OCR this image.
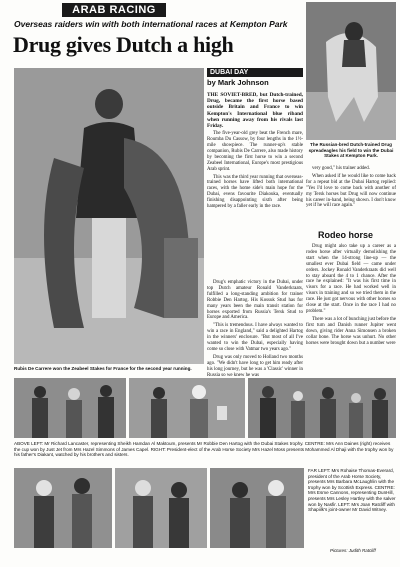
ARAB RACING
Overseas raiders win with both international races at Kempton Park
Drug gives Dutch a high
Rubis De Carrere won the Zeabeel Stakes for France for the second year running.
The Russian-bred Dutch-trained Drug spreadeagles his field to win the Dubai Stakes at Kempton Park.
DUBAI DAY
by Mark Johnson

THE SOVIET-BRED, but Dutch-trained, Drug, became the first horse based outside Britain and France to win Kempton's International blue riband when running away from his rivals last Friday.

The five-year-old grey beat the French mare, Roumba Du Cassow, by four lengths in the 1½-mile showpiece. The runner-up's stable companion, Rubis De Carrere, also made history by becoming the first horse to win a second Zeabeel International, Europe's most prestigious Arab sprint.

This was the third year running that overseas-trained horses have lifted both international races, with the home side's main hope for the Dubai, evens favourite Diakouka, eventually finishing disappointing sixth after being hampered by a faller early in the race.

Drug's emphatic victory in the Dubai, under top Dutch amateur Ronald Vanderkraats, fulfilled a long-standing ambition for trainer Robbie Den Hartog. His Kossuk Stud has for many years been the main transit station for horses exported from Russia's Tersk Stud to Europe and America.

"This is tremendous. I have always wanted to win a race in England," said a delighted Hartog in the winners' enclosure. "But most of all I've wanted to win the Dubai, especially having come so close with Vatmar two years ago."

Drug was only moved to Holland two months ago. "We didn't have long to get him ready after his long journey, but he was a 'Classic' winner in Russia so we knew he was

very good," his trainer added.

When asked if he would like to come back for a repeat bid at the Dubai Hartog replied: "Yes I'd love to come back with another of my Tersk horses but Drug will now continue his career in-hand, being shown. I don't know yet if he will race again."

Rodeo horse

Drug might also take up a career as a rodeo horse after virtually demolishing the start when the 14-strong line-up — the smallest ever Dubai field — came under orders. Jockey Ronald Vanderkraats did well to stay aboard the 4 to 1 chance. After the race he explained: "It was his first time in visors for a race. He had worked well in visors in training and so we tried them in the race. He just got nervous with other horses so close at the start. Once in the race I had no problem."

There was a lot of bunching just before the first turn and Danish runner Jupiter went down, giving rider Anna Simonsen a broken collar bone. The horse was unhurt. No other horses were brought down but a number were

ABOVE LEFT: Mr Richard Lancaster, representing Sheikh Hamdan Al Maktoum, presents Mr Robbie Den Hartog with the Dubai Stakes trophy. CENTRE: Mrs Ann Daines (right) receives the cup won by Just Jet from Mrs Hazel Simmons of James Capel. RIGHT: President-elect of the Arab Horse Society Mrs Hazel Moss presents Mohammed Al Dhaji with the trophy won by his father's Diakant, watched by his brothers and sisters.
FAR LEFT: Mrs Rohaise Thomas-Everard, president of the Arab Horse Society, presents Mrs Barbara McLaughlin with the trophy won by Scottish Express. CENTRE: Mrs Esme Cannons, representing DunHill, presents Mrs Lesley Hartley with the salver won by Nasfir. LEFT: Mrs Joan Ratcliff with Shapiilk's joint-owner Mr David Witney.
Pictures: Judith Ratcliff
